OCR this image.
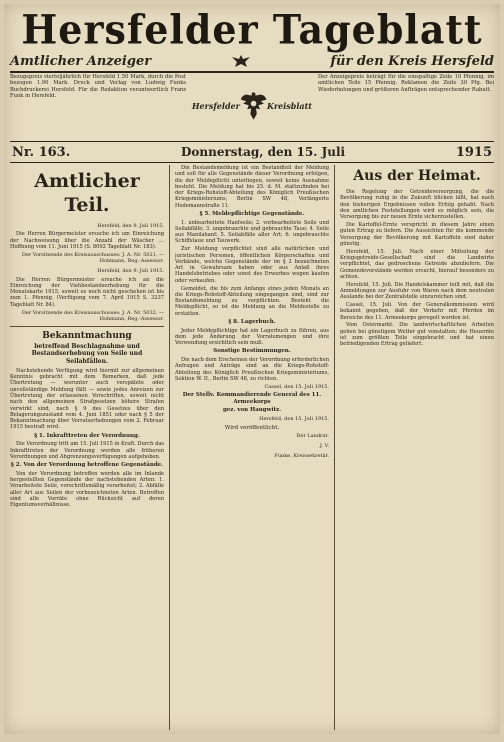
Hersfelder Tageblatt
Amtlicher Anzeiger	für den Kreis Hersfeld
Bezugspreis vierteljährlich für Hersfeld 1.50 Mark, durch die Post bezogen 1.90 Mark. Druck und Verlag von Ludwig Funks Buchdruckerei Hersfeld. Für die Redaktion verantwortlich Franz Funk in Hersfeld.
Hersfelder	Kreisblatt
Der Anzeigepreis beträgt für die einspaltige Zeile 10 Pfennig, im amtlichen Teile 15 Pfennig. Reklamen die Zeile 30 Pfg. Bei Wiederholungen und größeren Aufträgen entsprechender Rabatt.
Nr. 163.	Donnerstag, den 15. Juli	1915
Amtlicher Teil.
Hersfeld, den 9. Juli 1915.

Die Herren Bürgermeister ersuche ich um Einreichung der Nachweisung über die Anzahl der Wäscher ... Hoffnung vom 11. Juni 1915 (S. 8092 Tageblatt Nr. 183).

Der Vorsitzende des Kreisausschusses: J. A. Nr. 5021. — Hohmann, Reg.-Assessor.
Hersfeld, den 9. Juli 1915.

Die Herren Bürgermeister ersuche ich an die Einreichung der Viehbestandserhebung für die Monatskarte 1915, soweit es noch nicht geschehen ist bis zum 1. Pfennig. (Verfügung vom 7. April 1915 S. 3237 Tageblatt Nr. 84).

Der Vorsitzende des Kreisausschusses: J. A. Nr. 5032. — Hohmann, Reg.-Assessor.
Bekanntmachung
betreffend Beschlagnahme und Bestandserhebung von Seile und Seilabfällen.

Nachstehende Verfügung wird hiermit zur allgemeinen Kenntnis gebracht mit dem Bemerken, daß jede Übertretung — worunter auch verspätete oder unvollständige Meldung fällt — sowie jedes Anreizen zur Übertretung der erlassenen Vorschriften, soweit nicht nach den allgemeinen Strafgesetzen höhere Strafen verwirkt sind, nach § 9 des Gesetzes über den Belagerungszustand vom 4. Juni 1851 oder nach § 5 der Bekanntmachung über Vorratserhebungen vom 2. Februar 1915 bestraft wird.

§ 1. Inkrafttreten der Verordnung.

Die Verordnung tritt am 15. Juli 1915 in Kraft. Durch das Inkrafttreten der Verordnung werden alle früheren Verordnungen und Abgrenzungsverfügungen aufgehoben.

§ 2. Von der Verordnung betroffene Gegenstände.

Von der Verordnung betroffen werden alle im Inlande hergestellten Gegenstände der nachstehenden Arten: 1. Verarbeitete Seile, vorschriftsmäßig verarbeitet; 2. Abfälle aller Art aus Seilen der vorbezeichneten Arten. Betroffen sind alle Vorräte ohne Rücksicht auf deren Eigentumsverhältnisse.

Die Bestandsmeldung ist ein Bestandteil der Meldung und soll für alle Gegenstände dieser Verordnung erfolgen, die der Meldepflicht unterliegen, soweit keine Ausnahme besteht. Die Meldung hat bis 25. d. M. stattzufinden bei der Kriegs-Rohstoff-Abteilung des Königlich Preußischen Kriegsministeriums, Berlin SW 48, Verlängerte Hedemannstraße 11.

§ 5. Meldepflichtige Gegenstände.

1. unbearbeitete Hanfseile; 2. vorbearbeitete Seile und Seilabfälle; 3. ungebrauchte und gebrauchte Taue; 4. Seile aus Manilahanf; 5. Seilabfälle aller Art; 6. ungebrauchte Schiffstaue und Tauwerk.

Zur Meldung verpflichtet sind alle natürlichen und juristischen Personen, öffentlichen Körperschaften und Verbände, welche Gegenstände der im § 2 bezeichneten Art in Gewahrsam haben oder aus Anlaß ihres Handelsbetriebes oder sonst des Erwerbes wegen kaufen oder verkaufen.

Gemeldet, die bis zum Anfange eines jeden Monats an die Kriegs-Rohstoff-Abteilung eingegangen sind, sind zur Bestandsmeldung zu verpflichten. Besteht die Meldepflicht, so ist die Meldung an die Meldestelle zu erstatten.

§ 8. Lagerbuch.

Jeder Meldepflichtige hat ein Lagerbuch zu führen, aus dem jede Änderung der Vorratsmengen und ihre Verwendung ersichtlich sein muß.

Sonstige Bestimmungen.

Die nach dem Erscheinen der Verordnung erforderlichen Anfragen und Anträge sind an die Kriegs-Rohstoff-Abteilung des Königlich Preußischen Kriegsministeriums, Sektion W. II., Berlin SW 48, zu richten.

Cassel, den 15. Juli 1915.
Der Stellv. Kommandierende General des 11. Armeekorps
gez. von Haugwitz.
Hersfeld, den 15. Juli 1915.
Wird veröffentlicht.
Der Landrat.
J. V.
Funke, Kreissekretär.
Aus der Heimat.

Die Regelung der Getreideversorgung, die die Bevölkerung ruhig in die Zukunft blicken läßt, hat nach den bisherigen Ergebnissen vollen Erfolg gehabt. Nach den amtlichen Feststellungen wird es möglich sein, die Versorgung bis zur neuen Ernte sicherzustellen.

Die Kartoffel-Ernte verspricht in diesem Jahre einen guten Ertrag zu liefern. Die Aussichten für die kommende Versorgung der Bevölkerung mit Kartoffeln sind daher günstig.

Hersfeld, 15. Juli. Nach einer Mitteilung der Kriegsgetreide-Gesellschaft sind die Landwirte verpflichtet, das gedroschene Getreide abzuliefern. Die Gemeindevorstände werden ersucht, hierauf besonders zu achten.

Hersfeld, 15. Juli. Die Handelskammer teilt mit, daß die Anmeldungen zur Ausfuhr von Waren nach dem neutralen Auslande bei der Zentralstelle einzureichen sind.

Cassel, 15. Juli. Von der Generalkommission wird bekannt gegeben, daß der Verkehr mit Pferden im Bereiche des 11. Armeekorps geregelt worden ist.

Vom Ostermarkt. Die landwirtschaftlichen Arbeiten gehen bei günstigem Wetter gut vonstatten; die Heuernte ist zum größten Teile eingebracht und hat einen befriedigenden Ertrag geliefert.
